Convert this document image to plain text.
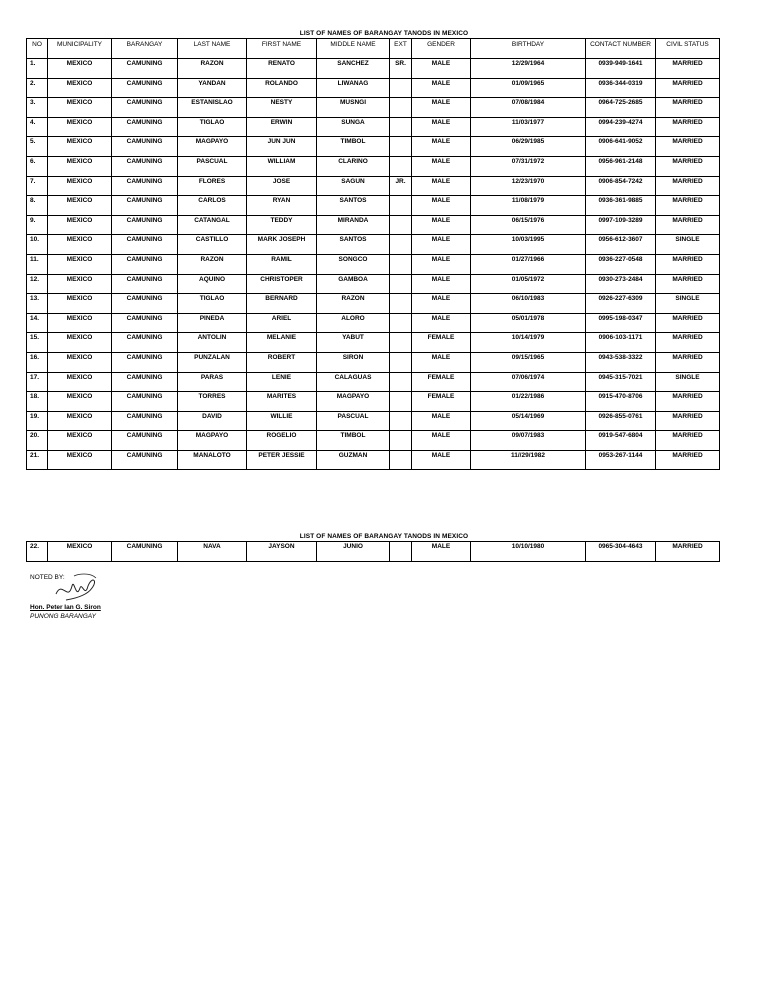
LIST OF NAMES OF BARANGAY TANODS IN MEXICO
NO	MUNICIPALITY	BARANGAY	LAST NAME	FIRST NAME	MIDDLE NAME	EXT	GENDER	BIRTHDAY	CONTACT NUMBER	CIVIL STATUS
1.	MEXICO	CAMUNING	RAZON	RENATO	SANCHEZ	SR.	MALE	12/29/1964	0939-949-1641	MARRIED
2.	MEXICO	CAMUNING	YANDAN	ROLANDO	LIWANAG		MALE	01/09/1965	0936-344-0319	MARRIED
3.	MEXICO	CAMUNING	ESTANISLAO	NESTY	MUSNGI		MALE	07/08/1984	0964-725-2685	MARRIED
4.	MEXICO	CAMUNING	TIGLAO	ERWIN	SUNGA		MALE	11/03/1977	0994-239-4274	MARRIED
5.	MEXICO	CAMUNING	MAGPAYO	JUN JUN	TIMBOL		MALE	06/29/1985	0906-641-9052	MARRIED
6.	MEXICO	CAMUNING	PASCUAL	WILLIAM	CLARINO		MALE	07/31/1972	0956-961-2148	MARRIED
7.	MEXICO	CAMUNING	FLORES	JOSE	SAGUN	JR.	MALE	12/23/1970	0906-854-7242	MARRIED
8.	MEXICO	CAMUNING	CARLOS	RYAN	SANTOS		MALE	11/08/1979	0936-361-9885	MARRIED
9.	MEXICO	CAMUNING	CATANGAL	TEDDY	MIRANDA		MALE	06/15/1976	0997-109-3289	MARRIED
10.	MEXICO	CAMUNING	CASTILLO	MARK JOSEPH	SANTOS		MALE	10/03/1995	0956-612-3607	SINGLE
11.	MEXICO	CAMUNING	RAZON	RAMIL	SONGCO		MALE	01/27/1966	0936-227-0548	MARRIED
12.	MEXICO	CAMUNING	AQUINO	CHRISTOPER	GAMBOA		MALE	01/05/1972	0930-273-2484	MARRIED
13.	MEXICO	CAMUNING	TIGLAO	BERNARD	RAZON		MALE	06/10/1983	0926-227-6309	SINGLE
14.	MEXICO	CAMUNING	PINEDA	ARIEL	ALORO		MALE	05/01/1978	0995-198-0347	MARRIED
15.	MEXICO	CAMUNING	ANTOLIN	MELANIE	YABUT		FEMALE	10/14/1979	0906-103-1171	MARRIED
16.	MEXICO	CAMUNING	PUNZALAN	ROBERT	SIRON		MALE	09/15/1965	0943-538-3322	MARRIED
17.	MEXICO	CAMUNING	PARAS	LENIE	CALAGUAS		FEMALE	07/06/1974	0945-315-7021	SINGLE
18.	MEXICO	CAMUNING	TORRES	MARITES	MAGPAYO		FEMALE	01/22/1986	0915-470-8706	MARRIED
19.	MEXICO	CAMUNING	DAVID	WILLIE	PASCUAL		MALE	05/14/1969	0926-855-0761	MARRIED
20.	MEXICO	CAMUNING	MAGPAYO	ROGELIO	TIMBOL		MALE	09/07/1983	0919-547-6804	MARRIED
21.	MEXICO	CAMUNING	MANALOTO	PETER JESSIE	GUZMAN		MALE	11//29/1982	0953-267-1144	MARRIED
LIST OF NAMES OF BARANGAY TANODS IN MEXICO
22.	MEXICO	CAMUNING	NAVA	JAYSON	JUNIO		MALE	10/10/1980	0965-304-4643	MARRIED
NOTED BY:
Hon. Peter Ian G. Siron
PUNONG BARANGAY
